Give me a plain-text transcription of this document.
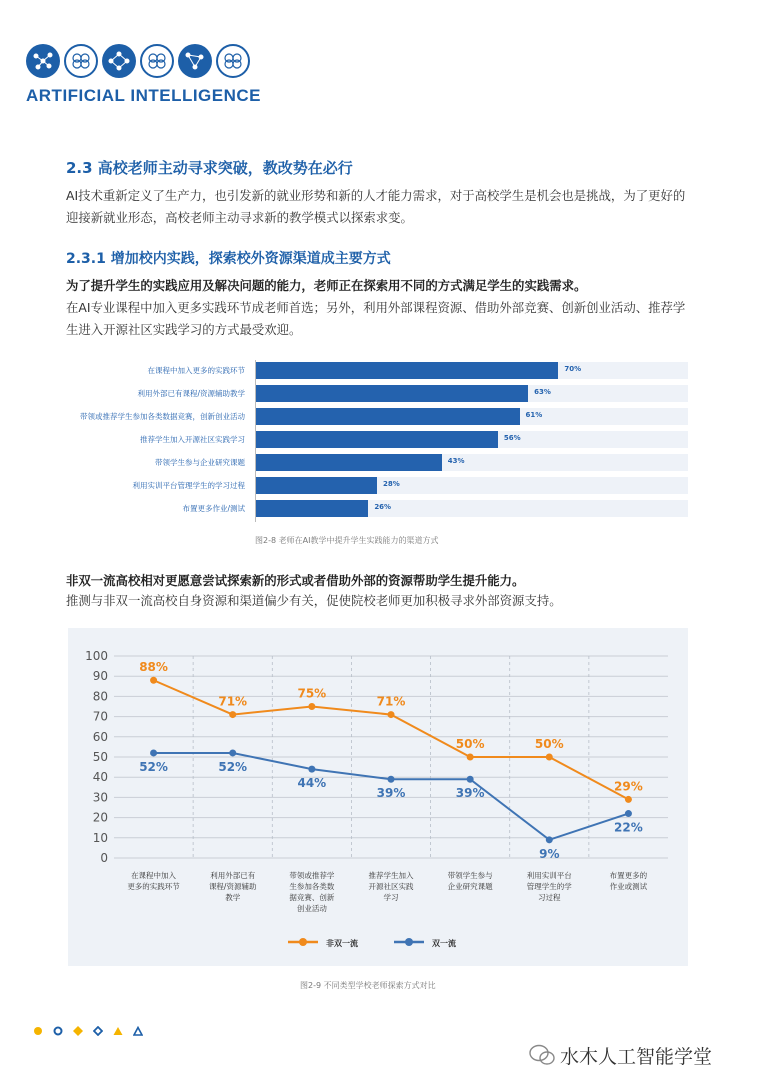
ARTIFICIAL INTELLIGENCE
2.3 高校老师主动寻求突破，教改势在必行
AI技术重新定义了生产力，也引发新的就业形势和新的人才能力需求，对于高校学生是机会也是挑战，为了更好的迎接新就业形态，高校老师主动寻求新的教学模式以探索求变。
2.3.1 增加校内实践，探索校外资源渠道成主要方式
为了提升学生的实践应用及解决问题的能力，老师正在探索用不同的方式满足学生的实践需求。
在AI专业课程中加入更多实践环节成老师首选；另外，利用外部课程资源、借助外部竞赛、创新创业活动、推荐学生进入开源社区实践学习的方式最受欢迎。
在课程中加入更多的实践环节	70%
利用外部已有课程/资源辅助教学	63%
带领或推荐学生参加各类数据竞赛，创新创业活动	61%
推荐学生加入开源社区实践学习	56%
带领学生参与企业研究课题	43%
利用实训平台管理学生的学习过程	28%
布置更多作业/测试	26%
图2-8 老师在AI教学中提升学生实践能力的渠道方式
非双一流高校相对更愿意尝试探索新的形式或者借助外部的资源帮助学生提升能力。
推测与非双一流高校自身资源和渠道偏少有关，促使院校老师更加积极寻求外部资源支持。
100
90
80
70
60
50
40
30
20
10
0
在课程中加入
更多的实践环节
利用外部已有
课程/资源辅助
教学
带领或推荐学
生参加各类数
据竞赛、创新
创业活动
推荐学生加入
开源社区实践
学习
带领学生参与
企业研究课题
利用实训平台
管理学生的学
习过程
布置更多的
作业或测试
88%
71%
75%
71%
50%	50%
29%
52%	52%
44%
39%	39%
9%
22%
非双一流	双一流
图2-9 不同类型学校老师探索方式对比
水木人工智能学堂
